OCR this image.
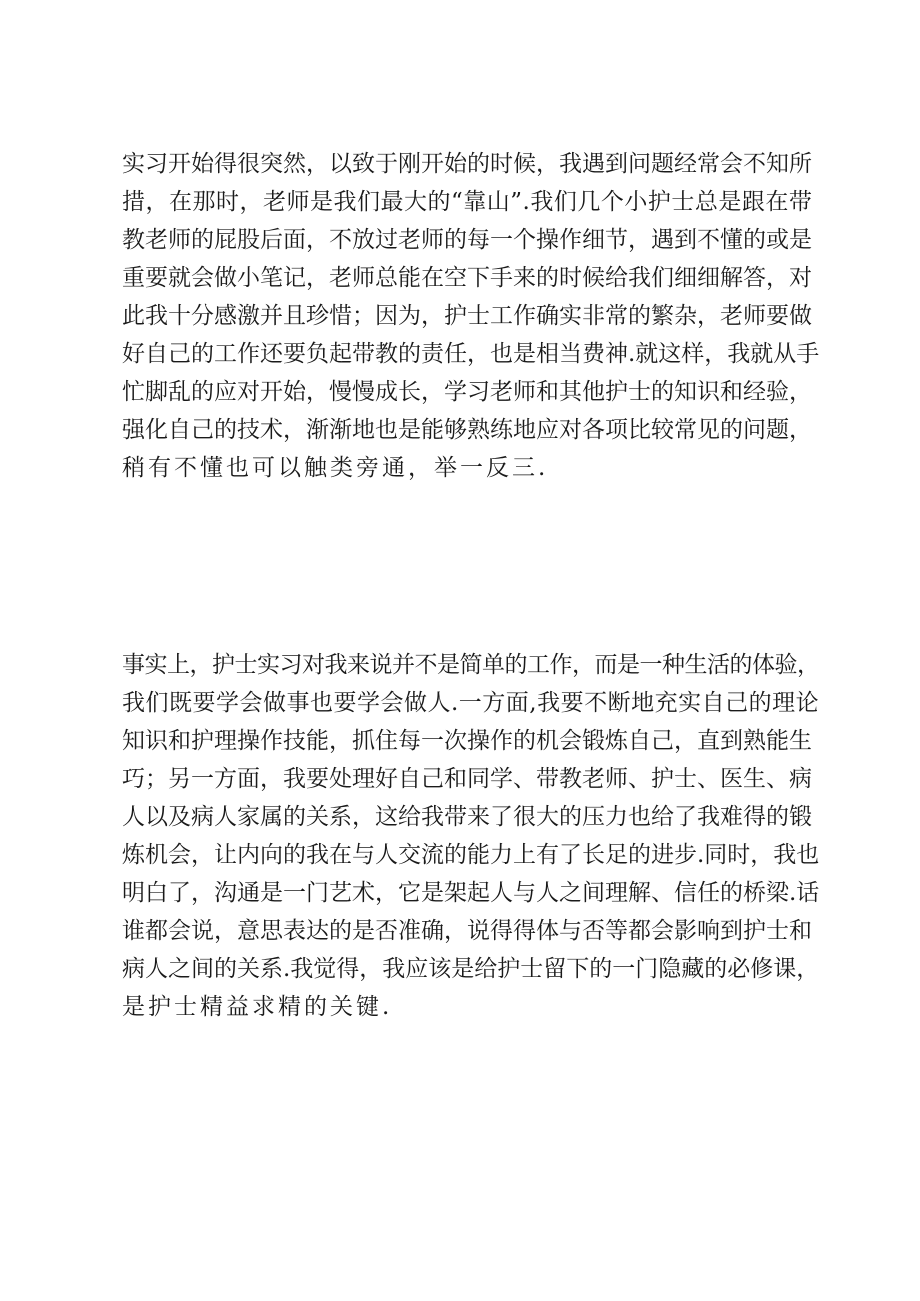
实习开始得很突然，以致于刚开始的时候，我遇到问题经常会不知所
措，在那时，老师是我们最大的“靠山”.我们几个小护士总是跟在带
教老师的屁股后面，不放过老师的每一个操作细节，遇到不懂的或是
重要就会做小笔记，老师总能在空下手来的时候给我们细细解答，对
此我十分感激并且珍惜；因为，护士工作确实非常的繁杂，老师要做
好自己的工作还要负起带教的责任，也是相当费神.就这样，我就从手
忙脚乱的应对开始，慢慢成长，学习老师和其他护士的知识和经验，
强化自己的技术，渐渐地也是能够熟练地应对各项比较常见的问题，
稍有不懂也可以触类旁通，举一反三.

事实上，护士实习对我来说并不是简单的工作，而是一种生活的体验，
我们既要学会做事也要学会做人.一方面,我要不断地充实自己的理论
知识和护理操作技能，抓住每一次操作的机会锻炼自己，直到熟能生
巧；另一方面，我要处理好自己和同学、带教老师、护士、医生、病
人以及病人家属的关系，这给我带来了很大的压力也给了我难得的锻
炼机会，让内向的我在与人交流的能力上有了长足的进步.同时，我也
明白了，沟通是一门艺术，它是架起人与人之间理解、信任的桥梁.话
谁都会说，意思表达的是否准确，说得得体与否等都会影响到护士和
病人之间的关系.我觉得，我应该是给护士留下的一门隐藏的必修课，
是护士精益求精的关键.
